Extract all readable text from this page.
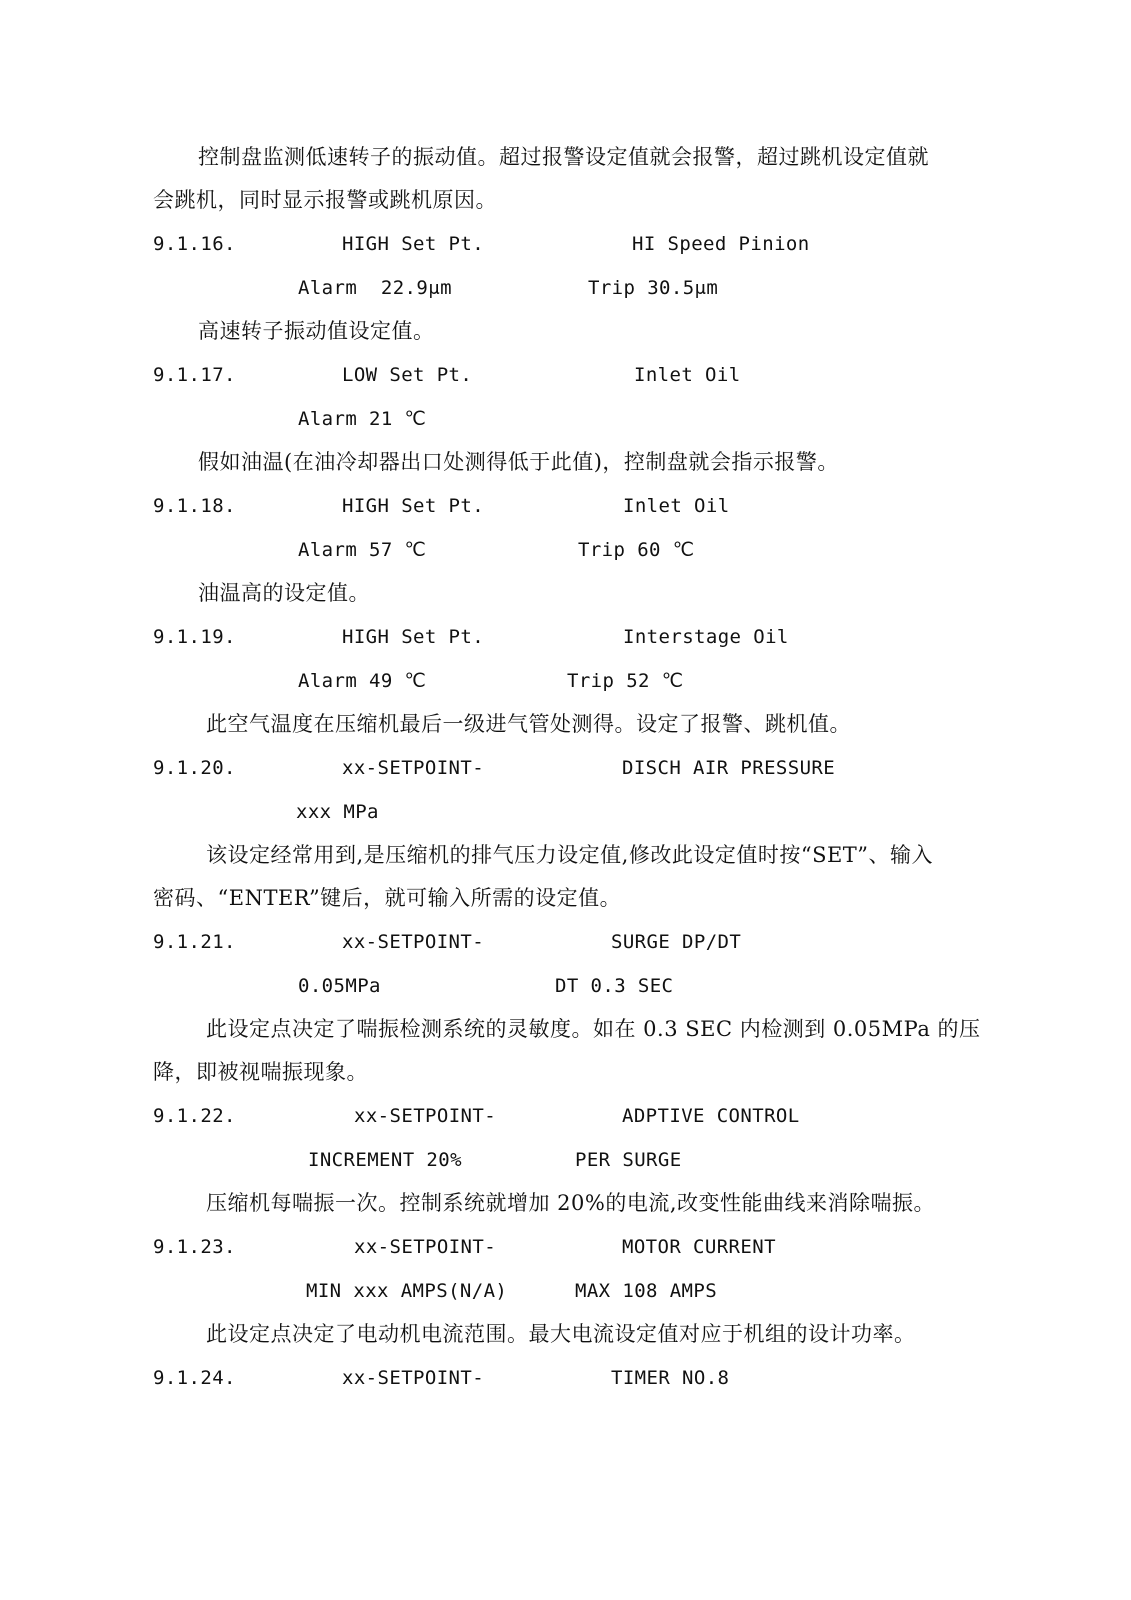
控制盘监测低速转子的振动值。超过报警设定值就会报警，超过跳机设定值就
会跳机，同时显示报警或跳机原因。
9.1.16.	HIGH Set Pt.	HI Speed Pinion
Alarm  22.9μm	Trip 30.5μm
高速转子振动值设定值。
9.1.17.	LOW Set Pt.	Inlet Oil
Alarm 21 ℃
假如油温(在油冷却器出口处测得低于此值)，控制盘就会指示报警。
9.1.18.	HIGH Set Pt.	Inlet Oil
Alarm 57 ℃	Trip 60 ℃
油温高的设定值。
9.1.19.	HIGH Set Pt.	Interstage Oil
Alarm 49 ℃	Trip 52 ℃
此空气温度在压缩机最后一级进气管处测得。设定了报警、跳机值。
9.1.20.	xx-SETPOINT-	DISCH AIR PRESSURE
xxx MPa
该设定经常用到,是压缩机的排气压力设定值,修改此设定值时按“SET”、输入
密码、“ENTER”键后，就可输入所需的设定值。
9.1.21.	xx-SETPOINT-	SURGE DP/DT
0.05MPa	DT 0.3 SEC
此设定点决定了喘振检测系统的灵敏度。如在 0.3 SEC 内检测到 0.05MPa 的压
降，即被视喘振现象。
9.1.22.	xx-SETPOINT-	ADPTIVE CONTROL
INCREMENT 20%	PER SURGE
压缩机每喘振一次。控制系统就增加 20%的电流,改变性能曲线来消除喘振。
9.1.23.	xx-SETPOINT-	MOTOR CURRENT
MIN xxx AMPS(N/A)	MAX 108 AMPS
此设定点决定了电动机电流范围。最大电流设定值对应于机组的设计功率。
9.1.24.	xx-SETPOINT-	TIMER NO.8
